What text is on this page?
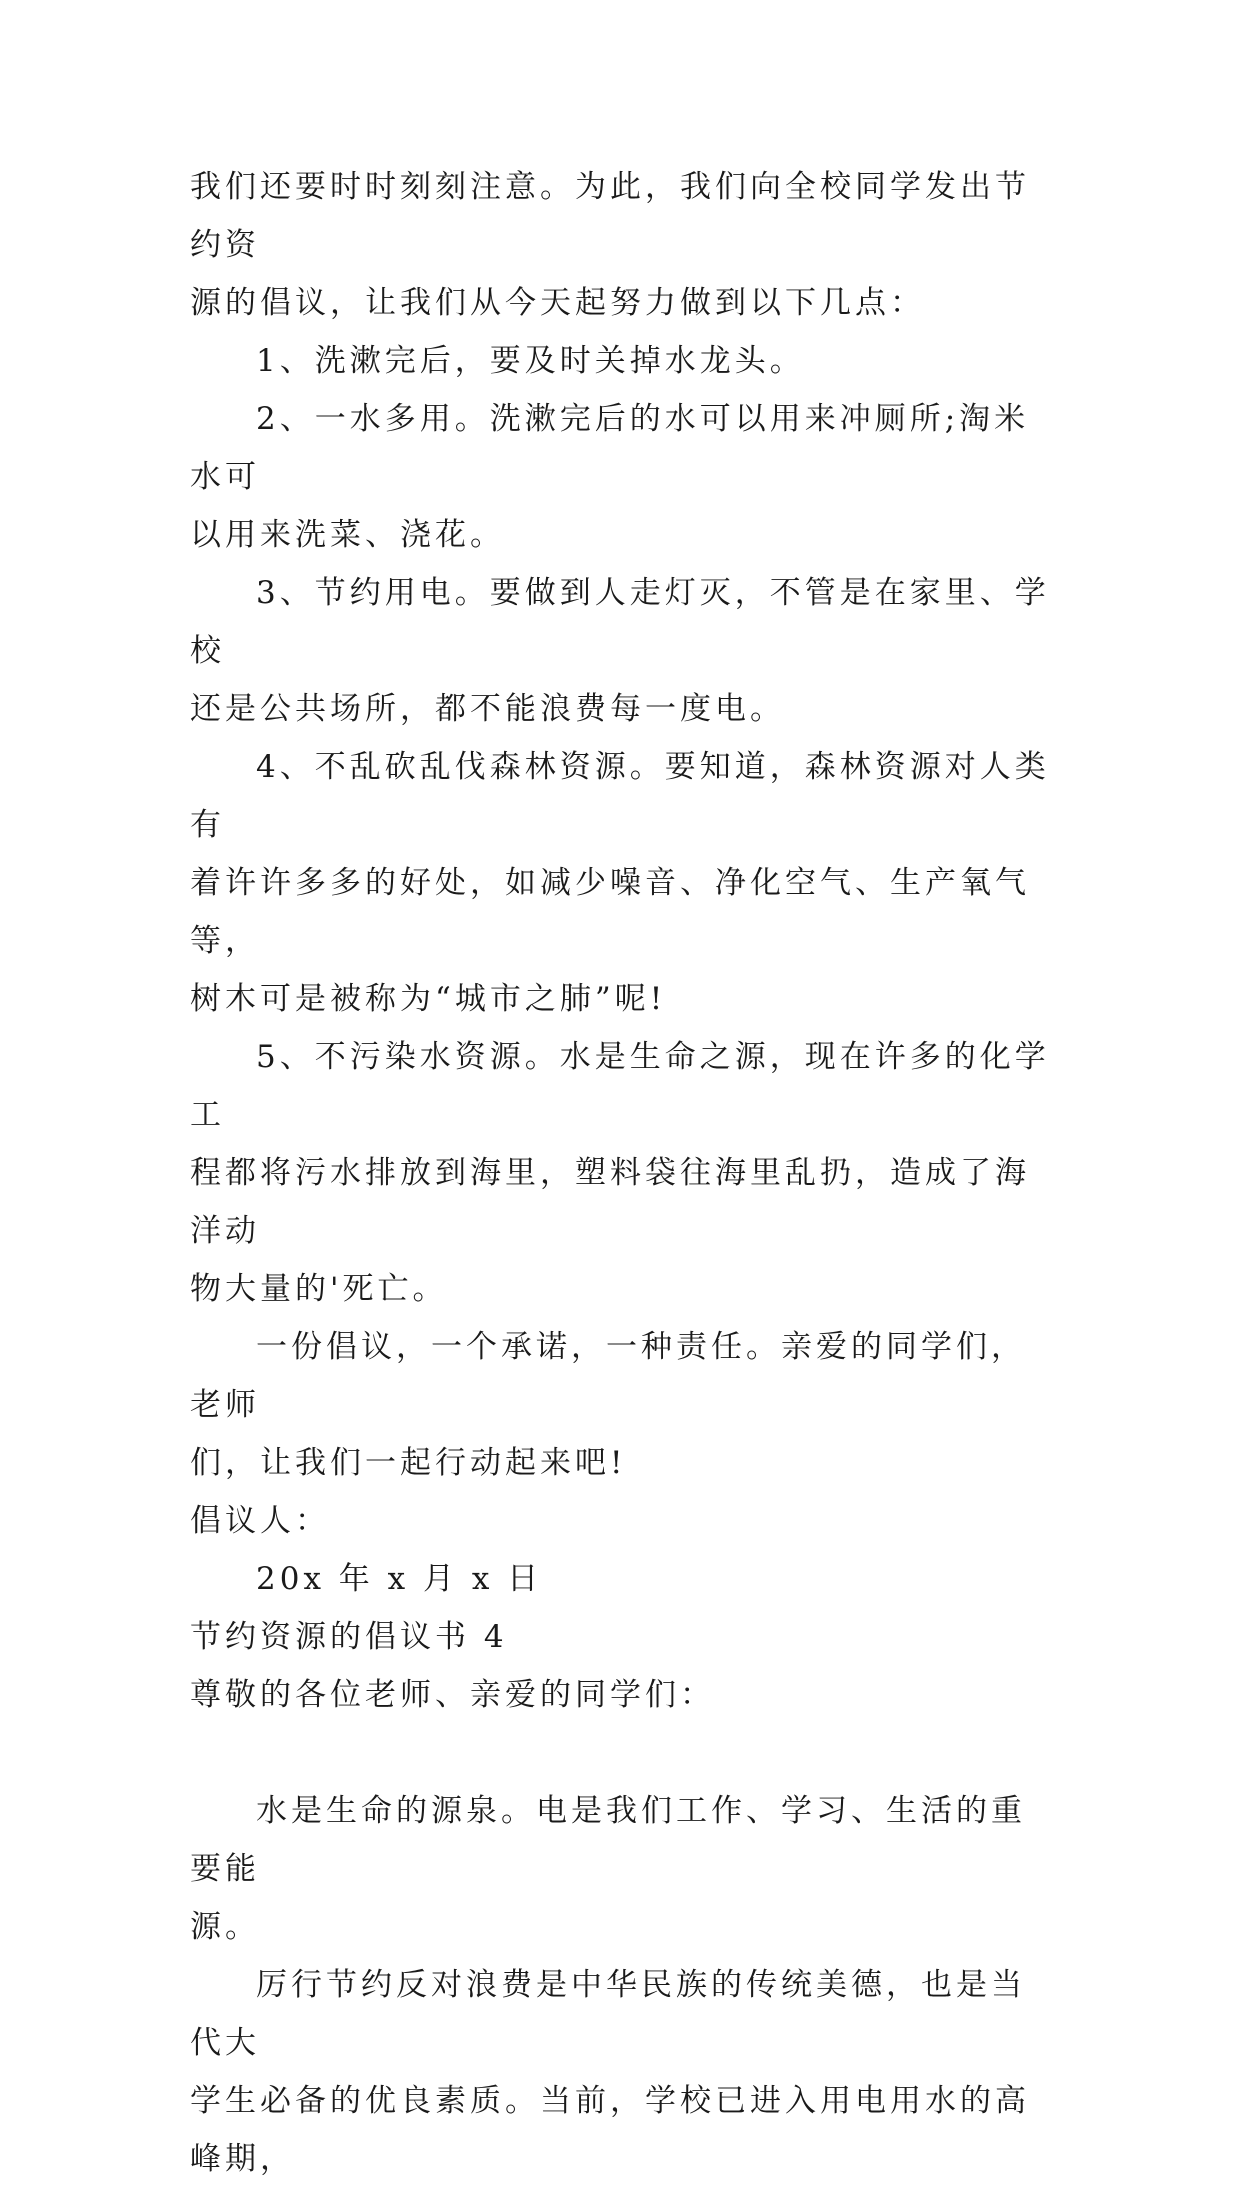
我们还要时时刻刻注意。为此，我们向全校同学发出节约资

源的倡议，让我们从今天起努力做到以下几点：

1、洗漱完后，要及时关掉水龙头。

2、一水多用。洗漱完后的水可以用来冲厕所;淘米水可

以用来洗菜、浇花。

3、节约用电。要做到人走灯灭，不管是在家里、学校

还是公共场所，都不能浪费每一度电。

4、不乱砍乱伐森林资源。要知道，森林资源对人类有

着许许多多的好处，如减少噪音、净化空气、生产氧气等，

树木可是被称为“城市之肺”呢!

5、不污染水资源。水是生命之源，现在许多的化学工

程都将污水排放到海里，塑料袋往海里乱扔，造成了海洋动

物大量的'死亡。

一份倡议，一个承诺，一种责任。亲爱的同学们，老师

们，让我们一起行动起来吧!

倡议人：

20x 年 x 月 x 日

节约资源的倡议书 4

尊敬的各位老师、亲爱的同学们：

水是生命的源泉。电是我们工作、学习、生活的重要能

源。

厉行节约反对浪费是中华民族的传统美德，也是当代大

学生必备的优良素质。当前，学校已进入用电用水的高峰期，
